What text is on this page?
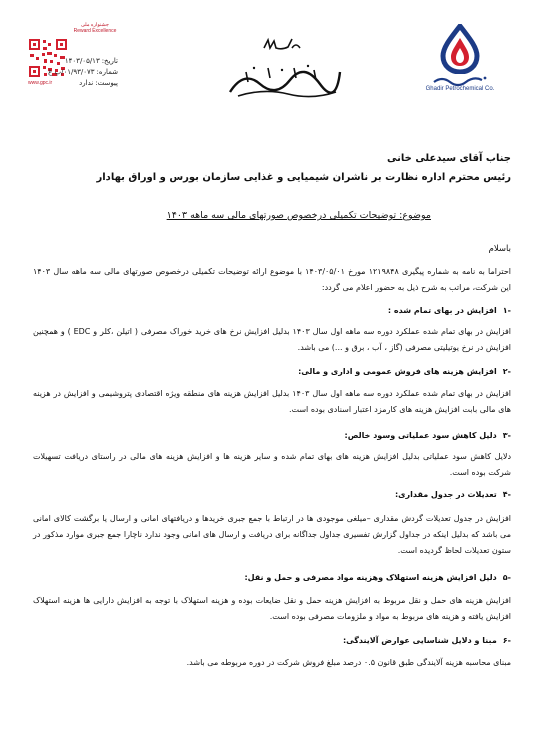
Ghadir Petrochemical Co.
جشنواره ملی
Reward Excellence
www.gpc.ir
تاریخ:۱۴۰۳/۰۵/۱۳
شماره:۰۱/۹۳/۰۷۳/پ غ
پیوست:ندارد
جناب آقای سیدعلی خانی
رئیس محترم اداره نظارت بر ناشران شیمیایی و غذایی سازمان بورس و اوراق بهادار
موضوع: توضیحات تکمیلی درخصوص صورتهای مالی سه ماهه ۱۴۰۳
باسلام
احتراما به نامه به شماره پیگیری ۱۲۱۹۸۴۸ مورخ ۱۴۰۳/۰۵/۰۱ با موضوع ارائه توضیحات تکمیلی درخصوص صورتهای مالی سه ماهه سال ۱۴۰۳ این شرکت، مراتب به شرح ذیل به حضور اعلام می گردد:
-۱افزایش در بهای تمام شده :
افزایش در بهای تمام شده عملکرد دوره سه ماهه اول سال ۱۴۰۳ بدلیل افزایش نرخ های خرید خوراک مصرفی ( اتیلن ،کلر و EDC ) و همچنین افزایش در نرخ یوتیلیتی مصرفی (گاز ، آب ، برق و ...) می باشد.
-۲افزایش هزینه های فروش عمومی و اداری و مالی:
افزایش در بهای تمام شده عملکرد دوره سه ماهه اول سال ۱۴۰۳ بدلیل افزایش هزینه های منطقه ویژه اقتصادی پتروشیمی و افزایش در هزینه های مالی بابت افزایش هزینه های کارمزد اعتبار اسنادی بوده است.
-۳دلیل کاهش سود عملیاتی وسود خالص:
دلایل کاهش سود عملیاتی بدلیل افزایش هزینه های بهای تمام شده و سایر هزینه ها و افزایش هزینه های مالی در راستای دریافت تسهیلات شرکت بوده است.
-۴تعدیلات در جدول مقداری:
افزایش در جدول تعدیلات گردش مقداری –میلغی موجودی ها در ارتباط با جمع جبری خریدها و دریافتهای امانی و ارسال یا برگشت کالای امانی می باشد که بدلیل اینکه در جداول گزارش تفسیری جداول جداگانه برای دریافت و ارسال های امانی وجود ندارد ناچارا جمع جبری موارد مذکور در ستون تعدیلات لحاظ گردیده است.
-۵دلیل افزایش هزینه استهلاک وهزینه مواد مصرفی و حمل و نقل:
افزایش هزینه های حمل و نقل مربوط به افزایش هزینه حمل و نقل ضایعات بوده و هزینه استهلاک با توجه به افزایش دارایی ها هزینه استهلاک افزایش یافته و هزینه های مربوط به مواد و ملزومات مصرفی بوده است.
-۶مبنا و دلایل شناسایی عوارض آلایندگی:
مبنای محاسبه هزینه آلایندگی طبق قانون ۰.۵ درصد مبلغ فروش شرکت در دوره مربوطه می باشد.
